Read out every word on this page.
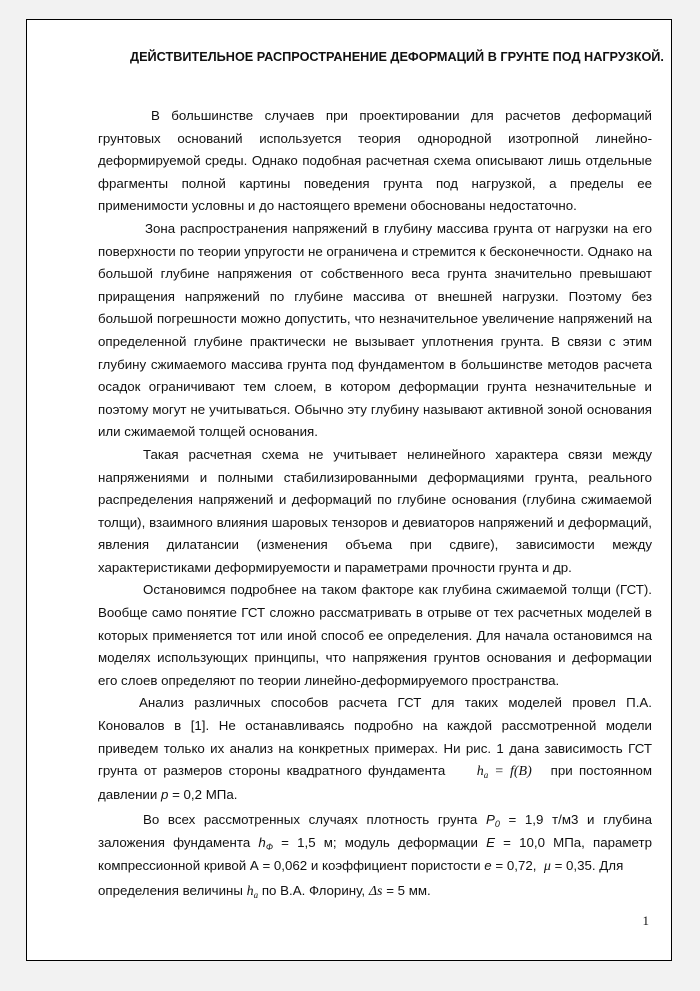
ДЕЙСТВИТЕЛЬНОЕ РАСПРОСТРАНЕНИЕ ДЕФОРМАЦИЙ В ГРУНТЕ ПОД НАГРУЗКОЙ.

В большинстве случаев при проектировании для расчетов деформаций грунтовых оснований используется теория однородной изотропной линейно-деформируемой среды. Однако подобная расчетная схема описывают лишь отдельные фрагменты полной картины поведения грунта под нагрузкой, а пределы ее применимости условны и до настоящего времени обоснованы недостаточно.

Зона распространения напряжений в глубину массива грунта от нагрузки на его поверхности по теории упругости не ограничена и стремится к бесконечности. Однако на большой глубине напряжения от собственного веса грунта значительно превышают приращения напряжений по глубине массива от внешней нагрузки. Поэтому без большой погрешности можно допустить, что незначительное увеличение напряжений на определенной глубине практически не вызывает уплотнения грунта. В связи с этим глубину сжимаемого массива грунта под фундаментом в большинстве методов расчета осадок ограничивают тем слоем, в котором деформации грунта незначительные и поэтому могут не учитываться. Обычно эту глубину называют активной зоной основания или сжимаемой толщей основания.

Такая расчетная схема не учитывает нелинейного характера связи между напряжениями и полными стабилизированными деформациями грунта, реального распределения напряжений и деформаций по глубине основания (глубина сжимаемой толщи), взаимного влияния шаровых тензоров и девиаторов напряжений и деформаций, явления дилатансии (изменения объема при сдвиге), зависимости между характеристиками деформируемости и параметрами прочности грунта и др.

Остановимся подробнее на таком факторе как глубина сжимаемой толщи (ГСТ). Вообще само понятие ГСТ сложно рассматривать в отрыве от тех расчетных моделей в которых применяется тот или иной способ ее определения. Для начала остановимся на моделях использующих принципы, что напряжения грунтов основания и деформации его слоев определяют по теории линейно-деформируемого пространства.

Анализ различных способов расчета ГСТ для таких моделей провел П.А. Коновалов в [1]. Не останавливаясь подробно на каждой рассмотренной модели приведем только их анализ на конкретных примерах. Ни рис. 1 дана зависимость ГСТ грунта от размеров стороны квадратного фундамента $h_a = f(B)$ при постоянном давлении p = 0,2 МПа.

Во всех рассмотренных случаях плотность грунта $P_0 = 1,9$ т/м3 и глубина заложения фундамента $h_Ф = 1,5$ м; модуль деформации E = 10,0 МПа, параметр компрессионной кривой А = 0,062 и коэффициент пористости е = 0,72, μ = 0,35. Для

определения величины $h_a$ по В.А. Флорину, Δs = 5 мм.

1
